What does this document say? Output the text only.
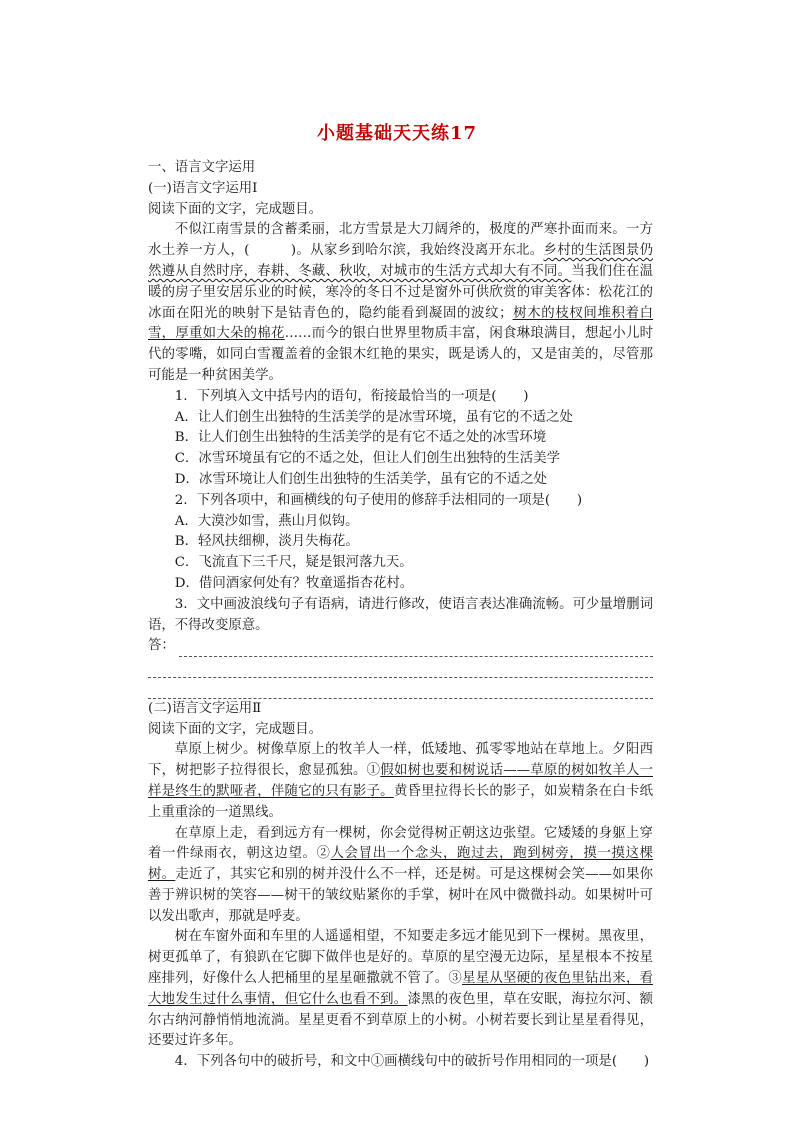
小题基础天天练17

一、语言文字运用

(一)语言文字运用Ⅰ

阅读下面的文字，完成题目。

不似江南雪景的含蓄柔丽，北方雪景是大刀阔斧的，极度的严寒扑面而来。一方水土养一方人，(　　　)。从家乡到哈尔滨，我始终没离开东北。乡村的生活图景仍然遵从自然时序，春耕、冬藏、秋收，对城市的生活方式却大有不同。当我们住在温暖的房子里安居乐业的时候，寒冷的冬日不过是窗外可供欣赏的审美客体：松花江的冰面在阳光的映射下是钴青色的，隐约能看到凝固的波纹；树木的枝杈间堆积着白雪，厚重如大朵的棉花……而今的银白世界里物质丰富，闲食琳琅满目，想起小儿时代的零嘴，如同白雪覆盖着的金银木红艳的果实，既是诱人的，又是宙美的，尽管那可能是一种贫困美学。

1．下列填入文中括号内的语句，衔接最恰当的一项是(　　)

A．让人们创生出独特的生活美学的是冰雪环境，虽有它的不适之处

B．让人们创生出独特的生活美学的是有它不适之处的冰雪环境

C．冰雪环境虽有它的不适之处，但让人们创生出独特的生活美学

D．冰雪环境让人们创生出独特的生活美学，虽有它的不适之处

2．下列各项中，和画横线的句子使用的修辞手法相同的一项是(　　)

A．大漠沙如雪，燕山月似钩。

B．轻风扶细柳，淡月失梅花。

C．飞流直下三千尺，疑是银河落九天。

D．借问酒家何处有？牧童遥指杏花村。

3．文中画波浪线句子有语病，请进行修改，使语言表达准确流畅。可少量增删词语，不得改变原意。

答：

(二)语言文字运用Ⅱ

阅读下面的文字，完成题目。

草原上树少。树像草原上的牧羊人一样，低矮地、孤零零地站在草地上。夕阳西下，树把影子拉得很长，愈显孤独。①假如树也要和树说话——草原的树如牧羊人一样是终生的默哑者，伴随它的只有影子。黄昏里拉得长长的影子，如炭精条在白卡纸上重重涂的一道黑线。

在草原上走，看到远方有一棵树，你会觉得树正朝这边张望。它矮矮的身躯上穿着一件绿雨衣，朝这边望。②人会冒出一个念头，跑过去，跑到树旁，摸一摸这棵树。走近了，其实它和别的树并没什么不一样，还是树。可是这棵树会笑——如果你善于辨识树的笑容——树干的皱纹贴紧你的手掌，树叶在风中微微抖动。如果树叶可以发出歌声，那就是呼麦。

树在车窗外面和车里的人遥遥相望，不知要走多远才能见到下一棵树。黑夜里，树更孤单了，有狼趴在它脚下做伴也是好的。草原的星空漫无边际，星星根本不按星座排列，好像什么人把桶里的星星砸撒就不管了。③星星从坚硬的夜色里钻出来，看大地发生过什么事情，但它什么也看不到。漆黑的夜色里，草在安眠，海拉尔河、额尔古纳河静悄悄地流淌。星星更看不到草原上的小树。小树若要长到让星星看得见，还要过许多年。

4．下列各句中的破折号，和文中①画横线句中的破折号作用相同的一项是(　　)
